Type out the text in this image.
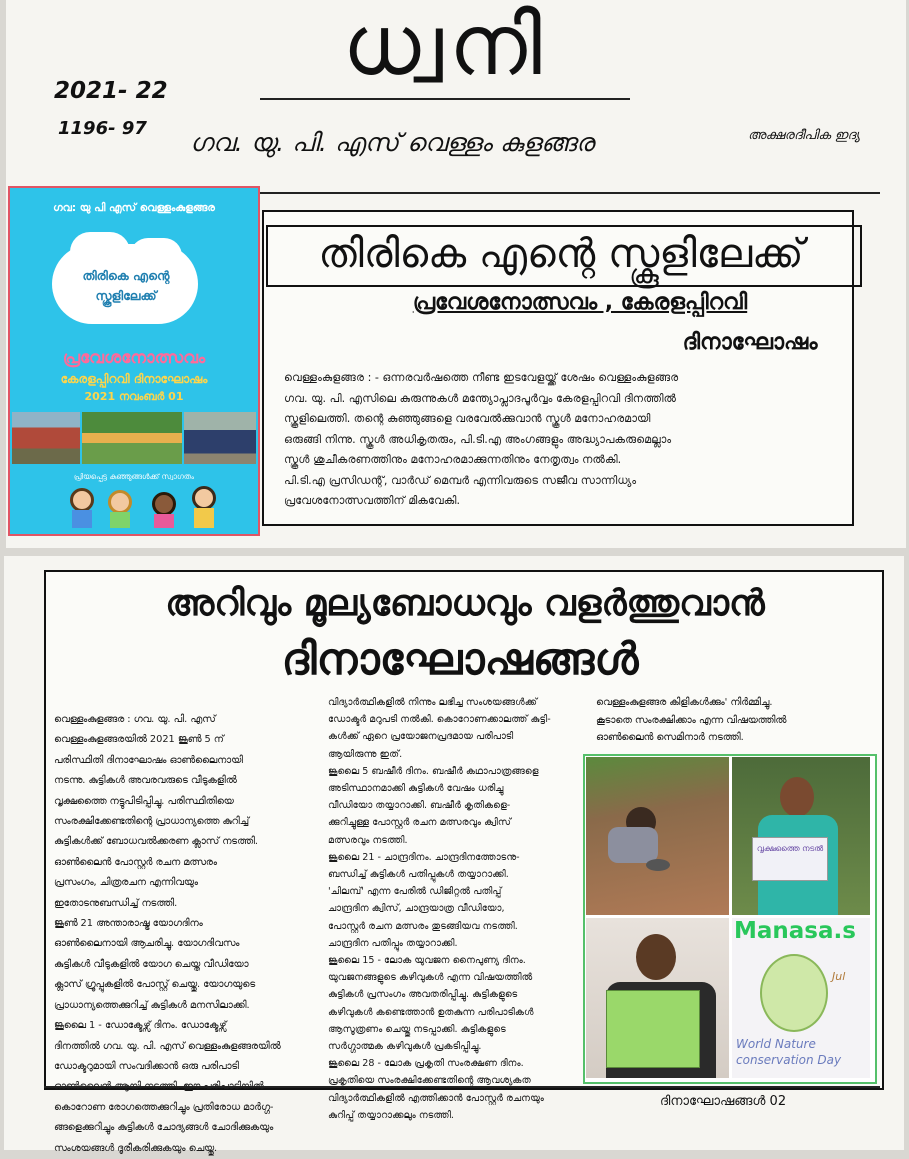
ധ്വനി
2021- 22
1196- 97 ഗവ. യു. പി. എസ് വെള്ളം കുളങ്ങര	അക്ഷരദീപിക ഇദ്യ
ഗവ: യു പി എസ് വെള്ളംകുളങ്ങര
തിരികെ എന്റെ സ്കൂളിലേക്ക്
പ്രവേശനോത്സവം
കേരളപ്പിറവി ദിനാഘോഷം
2021 നവംബർ 01
പ്രിയപ്പെട്ട കുഞ്ഞുങ്ങൾക്ക് സ്വാഗതം
തിരികെ എന്റെ സ്കൂളിലേക്ക്
പ്രവേശനോത്സവം , കേരളപ്പിറവി
ദിനാഘോഷം
വെള്ളംകുളങ്ങര : - ഒന്നരവർഷത്തെ നീണ്ട ഇടവേളയ്ക്ക് ശേഷം വെള്ളംകുളങ്ങര
ഗവ. യു. പി. എസിലെ കുരുന്നുകൾ മന്ത്യോപ്ലാദപൂർവ്വം കേരളപ്പിറവി ദിനത്തിൽ
സ്കൂളിലെത്തി. തന്റെ കുഞ്ഞുങ്ങളെ വരവേൽക്കുവാൻ സ്കൂൾ മനോഹരമായി
ഒരുങ്ങി നിന്നു. സ്കൂൾ അധികൃതരും, പി.ടി.എ അംഗങ്ങളും അദ്ധ്യാപകരുമെല്ലാം
സ്കൂൾ ശുചീകരണത്തിനും മനോഹരമാക്കുന്നതിനും നേതൃത്വം നൽകി.
പി.ടി.എ പ്രസിഡന്റ്, വാർഡ് മെമ്പർ എന്നിവരുടെ സജീവ സാന്നിധ്യം
പ്രവേശനോത്സവത്തിന് മികവേകി.
അറിവും മൂല്യബോധവും വളർത്തുവാൻ
ദിനാഘോഷങ്ങൾ
വെള്ളംകുളങ്ങര : ഗവ. യു. പി. എസ്
വെള്ളംകുളങ്ങരയിൽ 2021 ജൂൺ 5 ന്
പരിസ്ഥിതി ദിനാഘോഷം ഓൺലൈനായി
നടന്നു. കുട്ടികൾ അവരവരുടെ വീടുകളിൽ
വൃക്ഷത്തൈ നട്ടുപിടിപ്പിച്ചു. പരിസ്ഥിതിയെ
സംരക്ഷിക്കേണ്ടതിന്റെ പ്രാധാന്യത്തെ കുറിച്ച്
കുട്ടികൾക്ക് ബോധവൽക്കരണ ക്ലാസ് നടത്തി.
ഓൺലൈൻ പോസ്റ്റർ രചന മത്സരം
പ്രസംഗം, ചിത്രരചന എന്നിവയും
ഇതോടനുബന്ധിച്ച് നടത്തി.
ജൂൺ 21 അന്താരാഷ്ട്ര യോഗദിനം
ഓൺലൈനായി ആചരിച്ചു. യോഗദിവസം
കുട്ടികൾ വീടുകളിൽ യോഗ ചെയ്ത വീഡിയോ
ക്ലാസ് ഗ്രൂപ്പുകളിൽ പോസ്റ്റ് ചെയ്തു. യോഗയുടെ
പ്രാധാന്യത്തെക്കുറിച്ച് കുട്ടികൾ മനസിലാക്കി.
ജൂലൈ 1 - ഡോക്ടേഴ്സ് ദിനം. ഡോക്ടേഴ്സ്
ദിനത്തിൽ ഗവ. യു. പി. എസ് വെള്ളംകുളങ്ങരയിൽ
ഡോക്ടറുമായി സംവദിക്കാൻ ഒരു പരിപാടി

കൊറോണ രോഗത്തെക്കുറിച്ചും പ്രതിരോധ മാർഗ്ഗ-
ങ്ങളെക്കുറിച്ചും കുട്ടികൾ ചോദ്യങ്ങൾ ചോദിക്കുകയും
സംശയങ്ങൾ ദൂരീകരിക്കുകയും ചെയ്തു.
വിദ്യാർത്ഥികളിൽ നിന്നും ലഭിച്ച സംശയങ്ങൾക്ക്
ഡോക്ടർ മറുപടി നൽകി. കൊറോണക്കാലത്ത് കുട്ടി-
കൾക്ക് ഏറെ പ്രയോജനപ്രദമായ പരിപാടി
ആയിരുന്നു ഇത്.
ജൂലൈ 5 ബഷീർ ദിനം. ബഷീർ കഥാപാത്രങ്ങളെ
അടിസ്ഥാനമാക്കി കുട്ടികൾ വേഷം ധരിച്ചു
വീഡിയോ തയ്യാറാക്കി. ബഷീർ കൃതികളെ-
ക്കുറിച്ചുള്ള പോസ്റ്റർ രചന മത്സരവും ക്വിസ്
മത്സരവും നടത്തി.
ജൂലൈ 21 - ചാന്ദ്രദിനം. ചാന്ദ്രദിനത്തോടനു-
ബന്ധിച്ച് കുട്ടികൾ പതിപ്പുകൾ തയ്യാറാക്കി.
'ചിലമ്പ്' എന്ന പേരിൽ ഡിജിറ്റൽ പതിപ്പ്
ചാന്ദ്രദിന ക്വിസ്, ചാന്ദ്രയാത്ര വീഡിയോ,
പോസ്റ്റർ രചന മത്സരം തുടങ്ങിയവ നടത്തി.
ചാന്ദ്രദിന പതിപ്പും തയ്യാറാക്കി.
ജൂലൈ 15 - ലോക യുവജന നൈപുണ്യ ദിനം.
യുവജനങ്ങളുടെ കഴിവുകൾ എന്ന വിഷയത്തിൽ
കുട്ടികൾ പ്രസംഗം അവതരിപ്പിച്ചു. കുട്ടികളുടെ
കഴിവുകൾ കണ്ടെത്താൻ ഉതകുന്ന പരിപാടികൾ
ആസൂത്രണം ചെയ്തു നടപ്പാക്കി. കുട്ടികളുടെ
സർഗ്ഗാത്മക കഴിവുകൾ പ്രകടിപ്പിച്ചു.
ജൂലൈ 28 - ലോക പ്രകൃതി സംരക്ഷണ ദിനം.
പ്രകൃതിയെ സംരക്ഷിക്കേണ്ടതിന്റെ ആവശ്യകത
വിദ്യാർത്ഥികളിൽ എത്തിക്കാൻ പോസ്റ്റർ രചനയും
കുറിപ്പ് തയ്യാറാക്കലും നടത്തി.
വെള്ളംകുളങ്ങര കിളികൾക്കും' നിർമ്മിച്ചു.
കൂടാതെ സംരക്ഷിക്കാം എന്ന വിഷയത്തിൽ
ഓൺലൈൻ സെമിനാർ നടത്തി.
വൃക്ഷത്തൈ നടൽ
Manasa.s
Jul
World Nature conservation Day
ദിനാഘോഷങ്ങൾ 02
